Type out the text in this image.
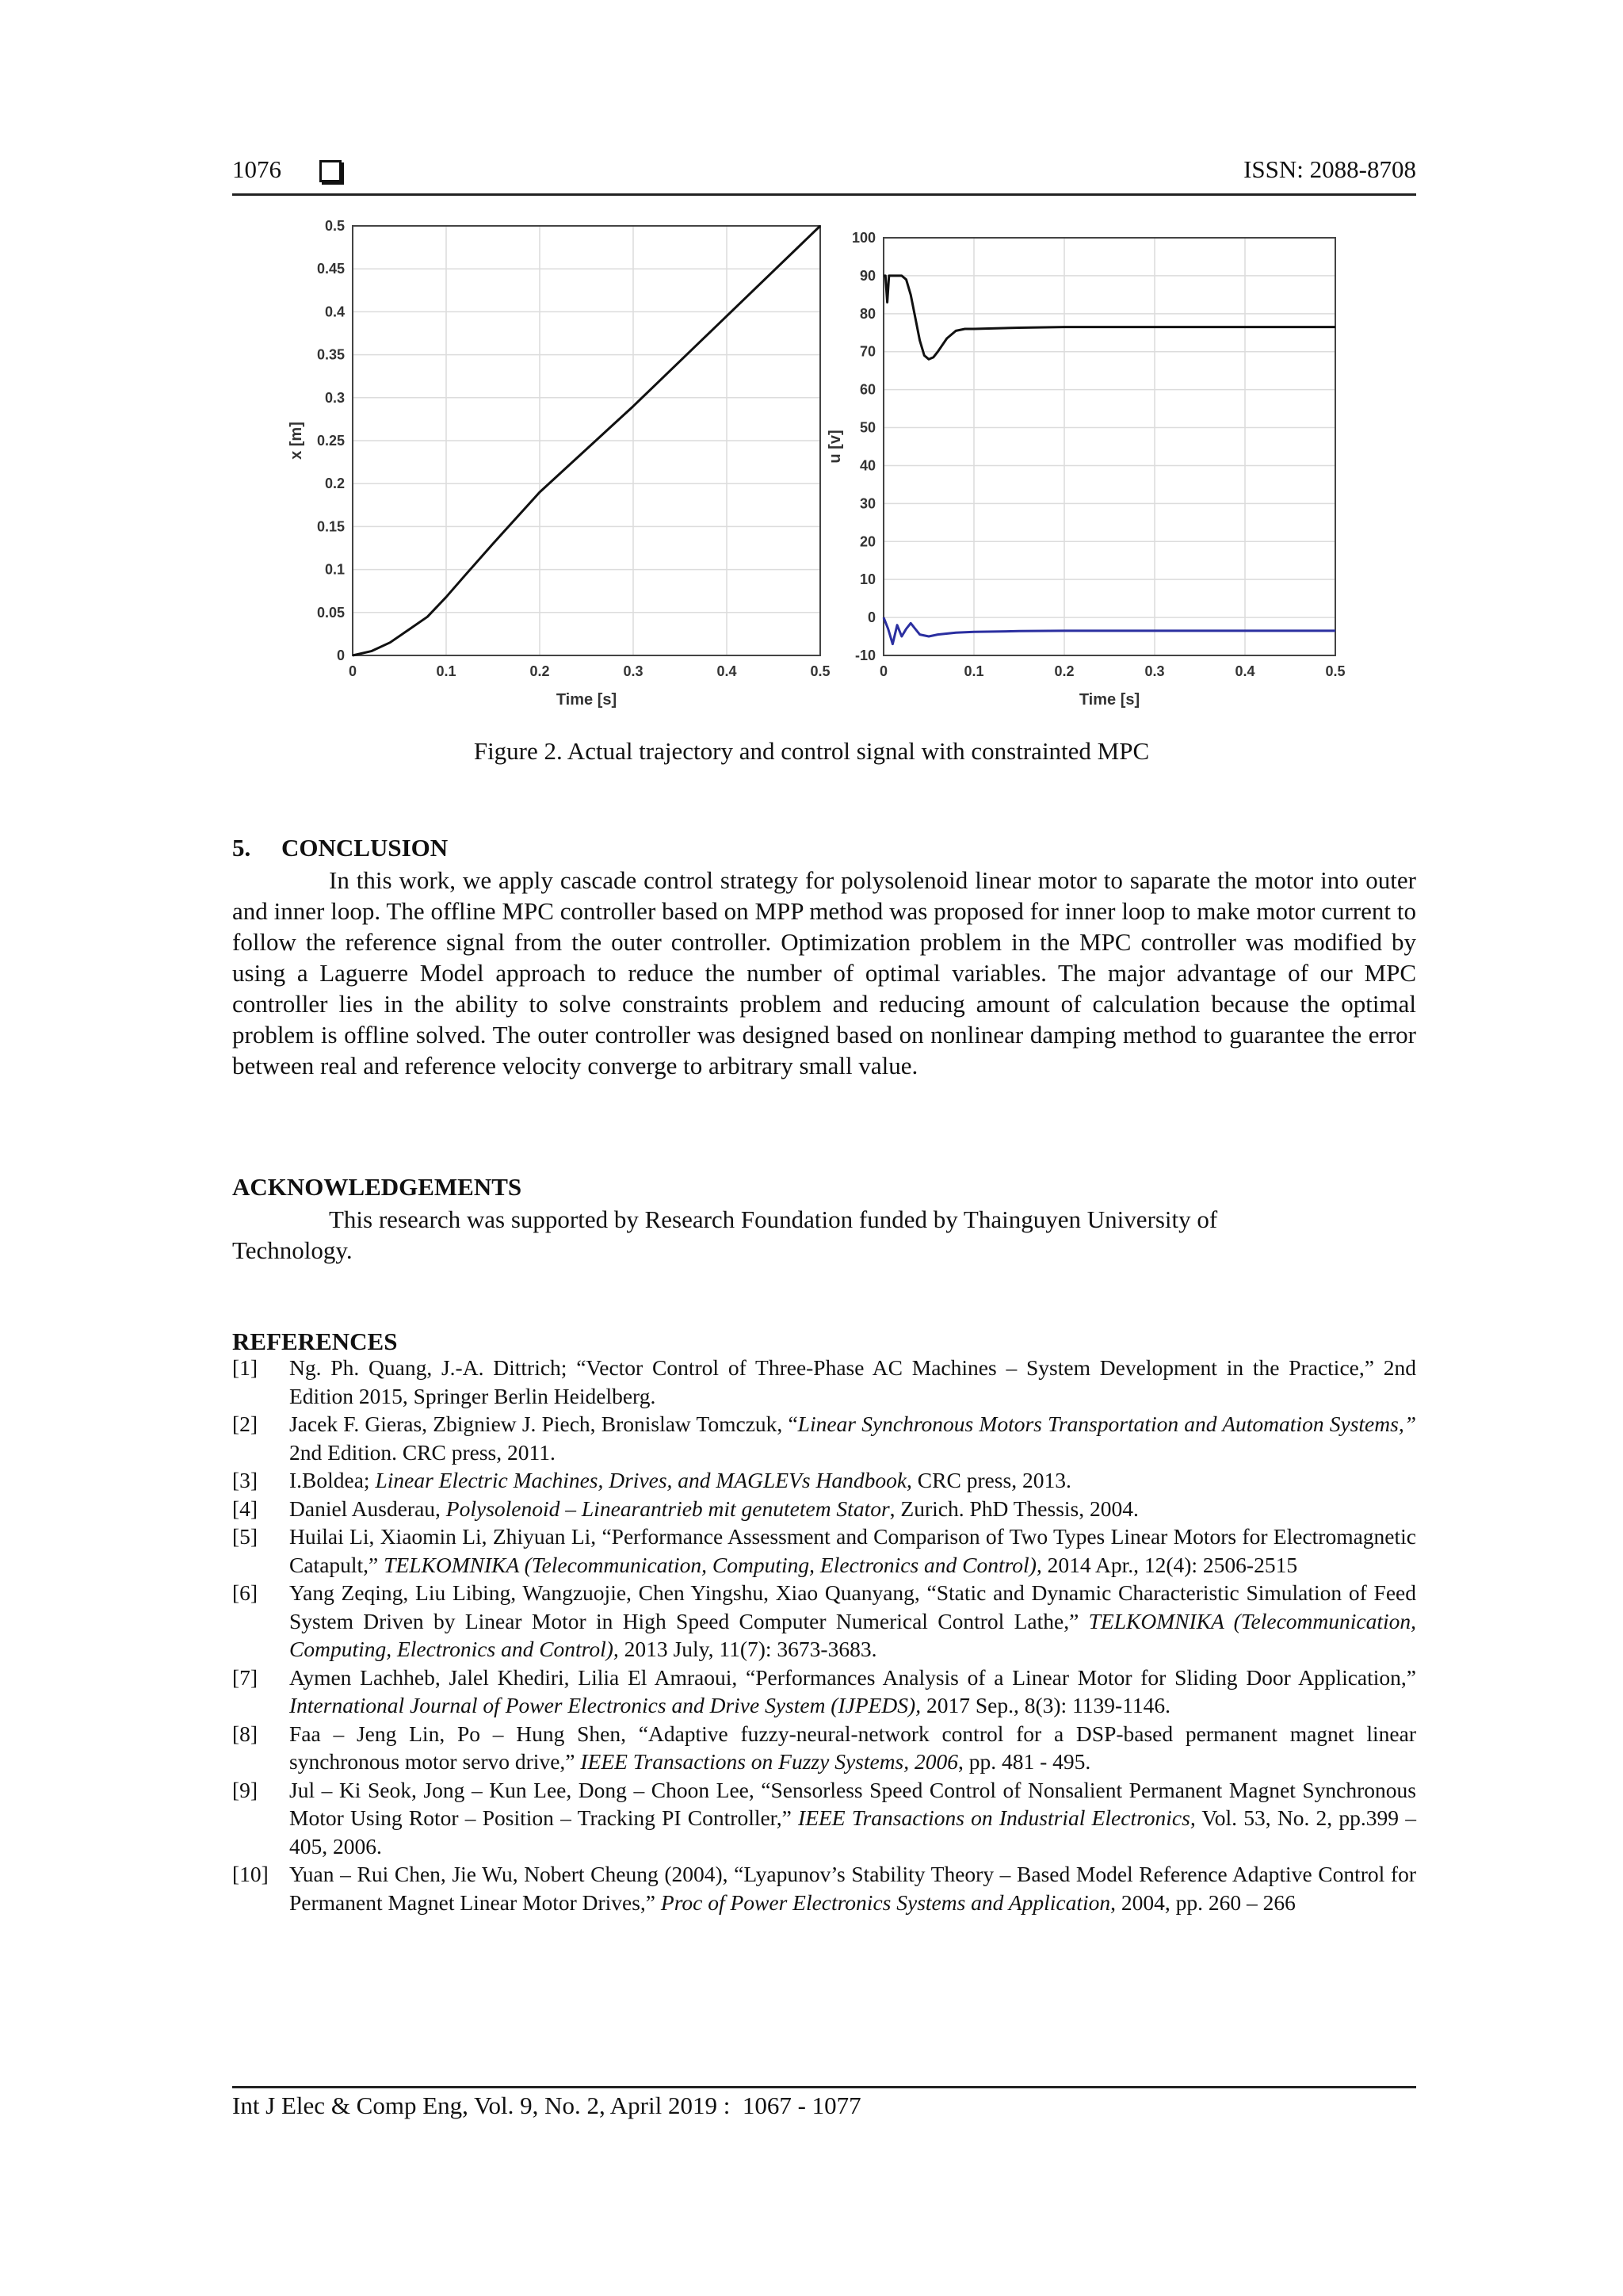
1076	ISSN: 2088-8708
0	0.1	0.2	0.3	0.4	0.5
0
0.05
0.1
0.15
0.2
0.25
0.3
0.35
0.4
0.45
0.5
Time [s]
x [m]
0	0.1	0.2	0.3	0.4	0.5
-10
0
10
20
30
40
50
60
70
80
90
100
Time [s]
u [v]
Figure 2. Actual trajectory and control signal with constrainted MPC
5.     CONCLUSION
In this work, we apply cascade control strategy for polysolenoid linear motor to saparate the motor into outer and inner loop. The offline MPC controller based on MPP method was proposed for inner loop to make motor current to follow the reference signal from the outer controller. Optimization problem in the MPC controller was modified by using a Laguerre Model approach to reduce the number of optimal variables. The major advantage of our MPC controller lies in the ability to solve constraints problem and reducing amount of calculation because the optimal problem is offline solved. The outer controller was designed based on nonlinear damping method to guarantee the error between real and reference velocity converge to arbitrary small value.
ACKNOWLEDGEMENTS
This research was supported by Research Foundation funded by Thainguyen University of
Technology.
REFERENCES
[1]	Ng. Ph. Quang, J.-A. Dittrich; “Vector Control of Three-Phase AC Machines – System Development in the Practice,” 2nd Edition 2015, Springer Berlin Heidelberg.
[2]	Jacek F. Gieras, Zbigniew J. Piech, Bronislaw Tomczuk, “Linear Synchronous Motors Transportation and Automation Systems,” 2nd Edition. CRC press, 2011.
[3]	I.Boldea; Linear Electric Machines, Drives, and MAGLEVs Handbook, CRC press, 2013.
[4]	Daniel Ausderau, Polysolenoid – Linearantrieb mit genutetem Stator, Zurich. PhD Thessis, 2004.
[5]	Huilai Li, Xiaomin Li, Zhiyuan Li, “Performance Assessment and Comparison of Two Types Linear Motors for Electromagnetic Catapult,” TELKOMNIKA (Telecommunication, Computing, Electronics and Control), 2014 Apr., 12(4): 2506-2515
[6]	Yang Zeqing, Liu Libing, Wangzuojie, Chen Yingshu, Xiao Quanyang, “Static and Dynamic Characteristic Simulation of Feed System Driven by Linear Motor in High Speed Computer Numerical Control Lathe,” TELKOMNIKA (Telecommunication, Computing, Electronics and Control), 2013 July, 11(7): 3673-3683.
[7]	Aymen Lachheb, Jalel Khediri, Lilia El Amraoui, “Performances Analysis of a Linear Motor for Sliding Door Application,” International Journal of Power Electronics and Drive System (IJPEDS), 2017 Sep., 8(3): 1139-1146.
[8]	Faa – Jeng Lin, Po – Hung Shen, “Adaptive fuzzy-neural-network control for a DSP-based permanent magnet linear synchronous motor servo drive,” IEEE Transactions on Fuzzy Systems, 2006, pp. 481 - 495.
[9]	Jul – Ki Seok, Jong – Kun Lee, Dong – Choon Lee, “Sensorless Speed Control of Nonsalient Permanent Magnet Synchronous Motor Using Rotor – Position – Tracking PI Controller,” IEEE Transactions on Industrial Electronics, Vol. 53, No. 2, pp.399 – 405, 2006.
[10] Yuan – Rui Chen, Jie Wu, Nobert Cheung (2004), “Lyapunov’s Stability Theory – Based Model Reference Adaptive Control for Permanent Magnet Linear Motor Drives,” Proc of Power Electronics Systems and Application, 2004, pp. 260 – 266
Int J Elec & Comp Eng, Vol. 9, No. 2, April 2019 :  1067 - 1077
